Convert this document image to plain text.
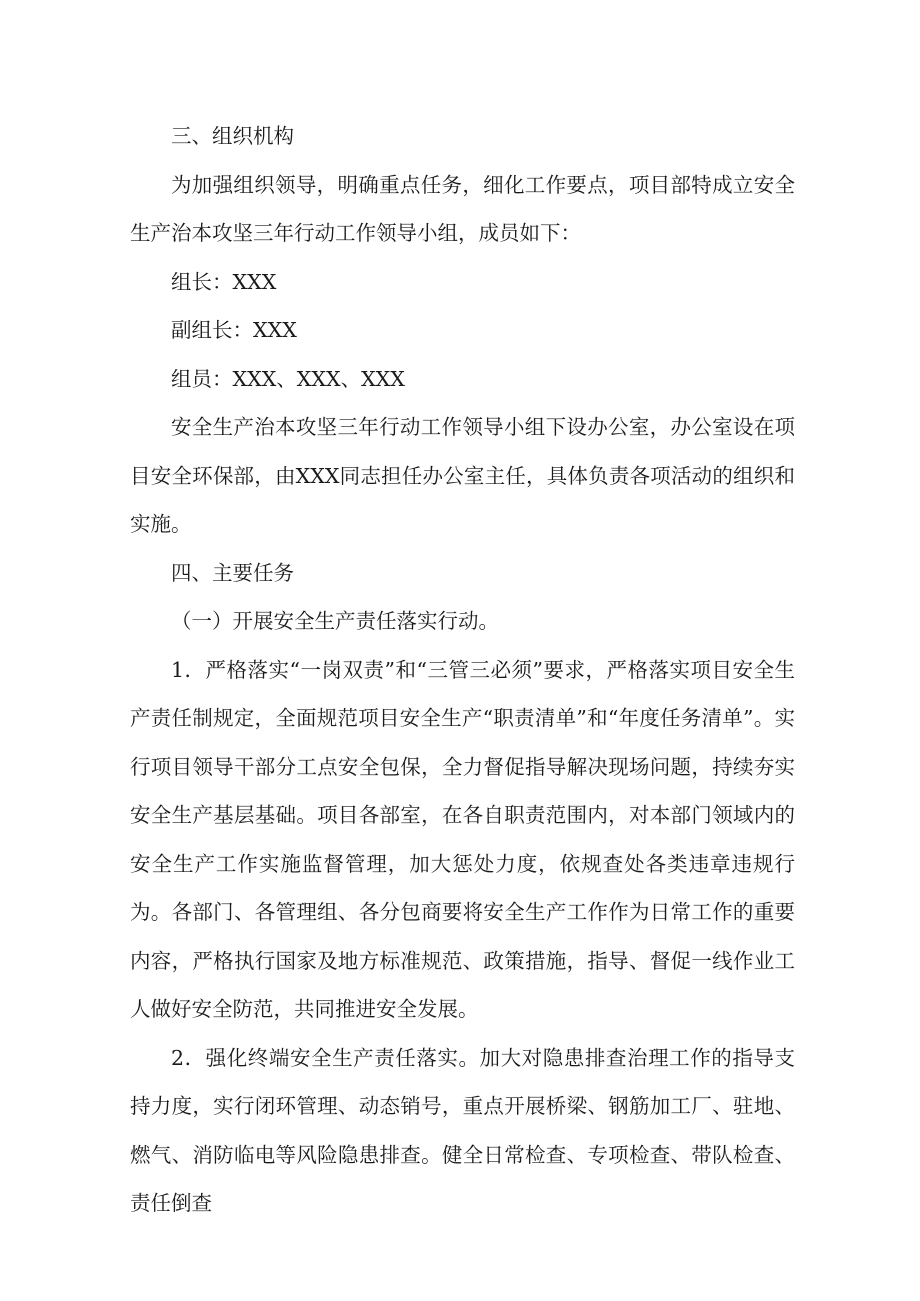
三、组织机构

为加强组织领导，明确重点任务，细化工作要点，项目部特成立安全生产治本攻坚三年行动工作领导小组，成员如下：

组长：XXX

副组长：XXX

组员：XXX、XXX、XXX

安全生产治本攻坚三年行动工作领导小组下设办公室，办公室设在项目安全环保部，由XXX同志担任办公室主任，具体负责各项活动的组织和实施。

四、主要任务

（一）开展安全生产责任落实行动。

1．严格落实“一岗双责”和“三管三必须”要求，严格落实项目安全生产责任制规定，全面规范项目安全生产“职责清单”和“年度任务清单”。实行项目领导干部分工点安全包保，全力督促指导解决现场问题，持续夯实安全生产基层基础。项目各部室，在各自职责范围内，对本部门领域内的安全生产工作实施监督管理，加大惩处力度，依规查处各类违章违规行为。各部门、各管理组、各分包商要将安全生产工作作为日常工作的重要内容，严格执行国家及地方标准规范、政策措施，指导、督促一线作业工人做好安全防范，共同推进安全发展。

2．强化终端安全生产责任落实。加大对隐患排查治理工作的指导支持力度，实行闭环管理、动态销号，重点开展桥梁、钢筋加工厂、驻地、燃气、消防临电等风险隐患排查。健全日常检查、专项检查、带队检查、责任倒查
